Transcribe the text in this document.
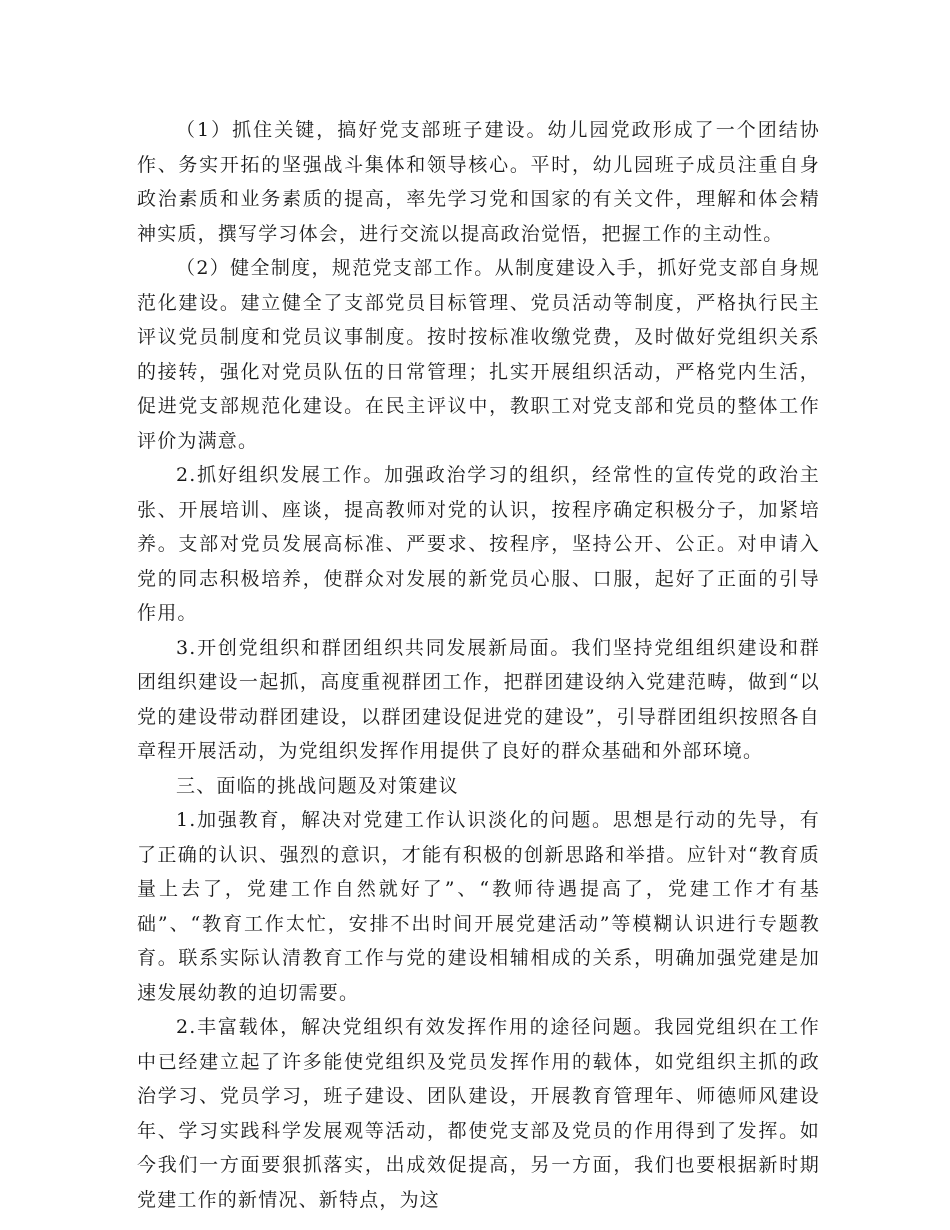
（1）抓住关键，搞好党支部班子建设。幼儿园党政形成了一个团结协作、务实开拓的坚强战斗集体和领导核心。平时，幼儿园班子成员注重自身政治素质和业务素质的提高，率先学习党和国家的有关文件，理解和体会精神实质，撰写学习体会，进行交流以提高政治觉悟，把握工作的主动性。

（2）健全制度，规范党支部工作。从制度建设入手，抓好党支部自身规范化建设。建立健全了支部党员目标管理、党员活动等制度，严格执行民主评议党员制度和党员议事制度。按时按标准收缴党费，及时做好党组织关系的接转，强化对党员队伍的日常管理；扎实开展组织活动，严格党内生活，促进党支部规范化建设。在民主评议中，教职工对党支部和党员的整体工作评价为满意。

2.抓好组织发展工作。加强政治学习的组织，经常性的宣传党的政治主张、开展培训、座谈，提高教师对党的认识，按程序确定积极分子，加紧培养。支部对党员发展高标准、严要求、按程序，坚持公开、公正。对申请入党的同志积极培养，使群众对发展的新党员心服、口服，起好了正面的引导作用。

3.开创党组织和群团组织共同发展新局面。我们坚持党组组织建设和群团组织建设一起抓，高度重视群团工作，把群团建设纳入党建范畴，做到“以党的建设带动群团建设，以群团建设促进党的建设”，引导群团组织按照各自章程开展活动，为党组织发挥作用提供了良好的群众基础和外部环境。

三、面临的挑战问题及对策建议

1.加强教育，解决对党建工作认识淡化的问题。思想是行动的先导，有了正确的认识、强烈的意识，才能有积极的创新思路和举措。应针对“教育质量上去了，党建工作自然就好了”、“教师待遇提高了，党建工作才有基础”、“教育工作太忙，安排不出时间开展党建活动”等模糊认识进行专题教育。联系实际认清教育工作与党的建设相辅相成的关系，明确加强党建是加速发展幼教的迫切需要。

2.丰富载体，解决党组织有效发挥作用的途径问题。我园党组织在工作中已经建立起了许多能使党组织及党员发挥作用的载体，如党组织主抓的政治学习、党员学习，班子建设、团队建设，开展教育管理年、师德师风建设年、学习实践科学发展观等活动，都使党支部及党员的作用得到了发挥。如今我们一方面要狠抓落实，出成效促提高，另一方面，我们也要根据新时期党建工作的新情况、新特点，为这
